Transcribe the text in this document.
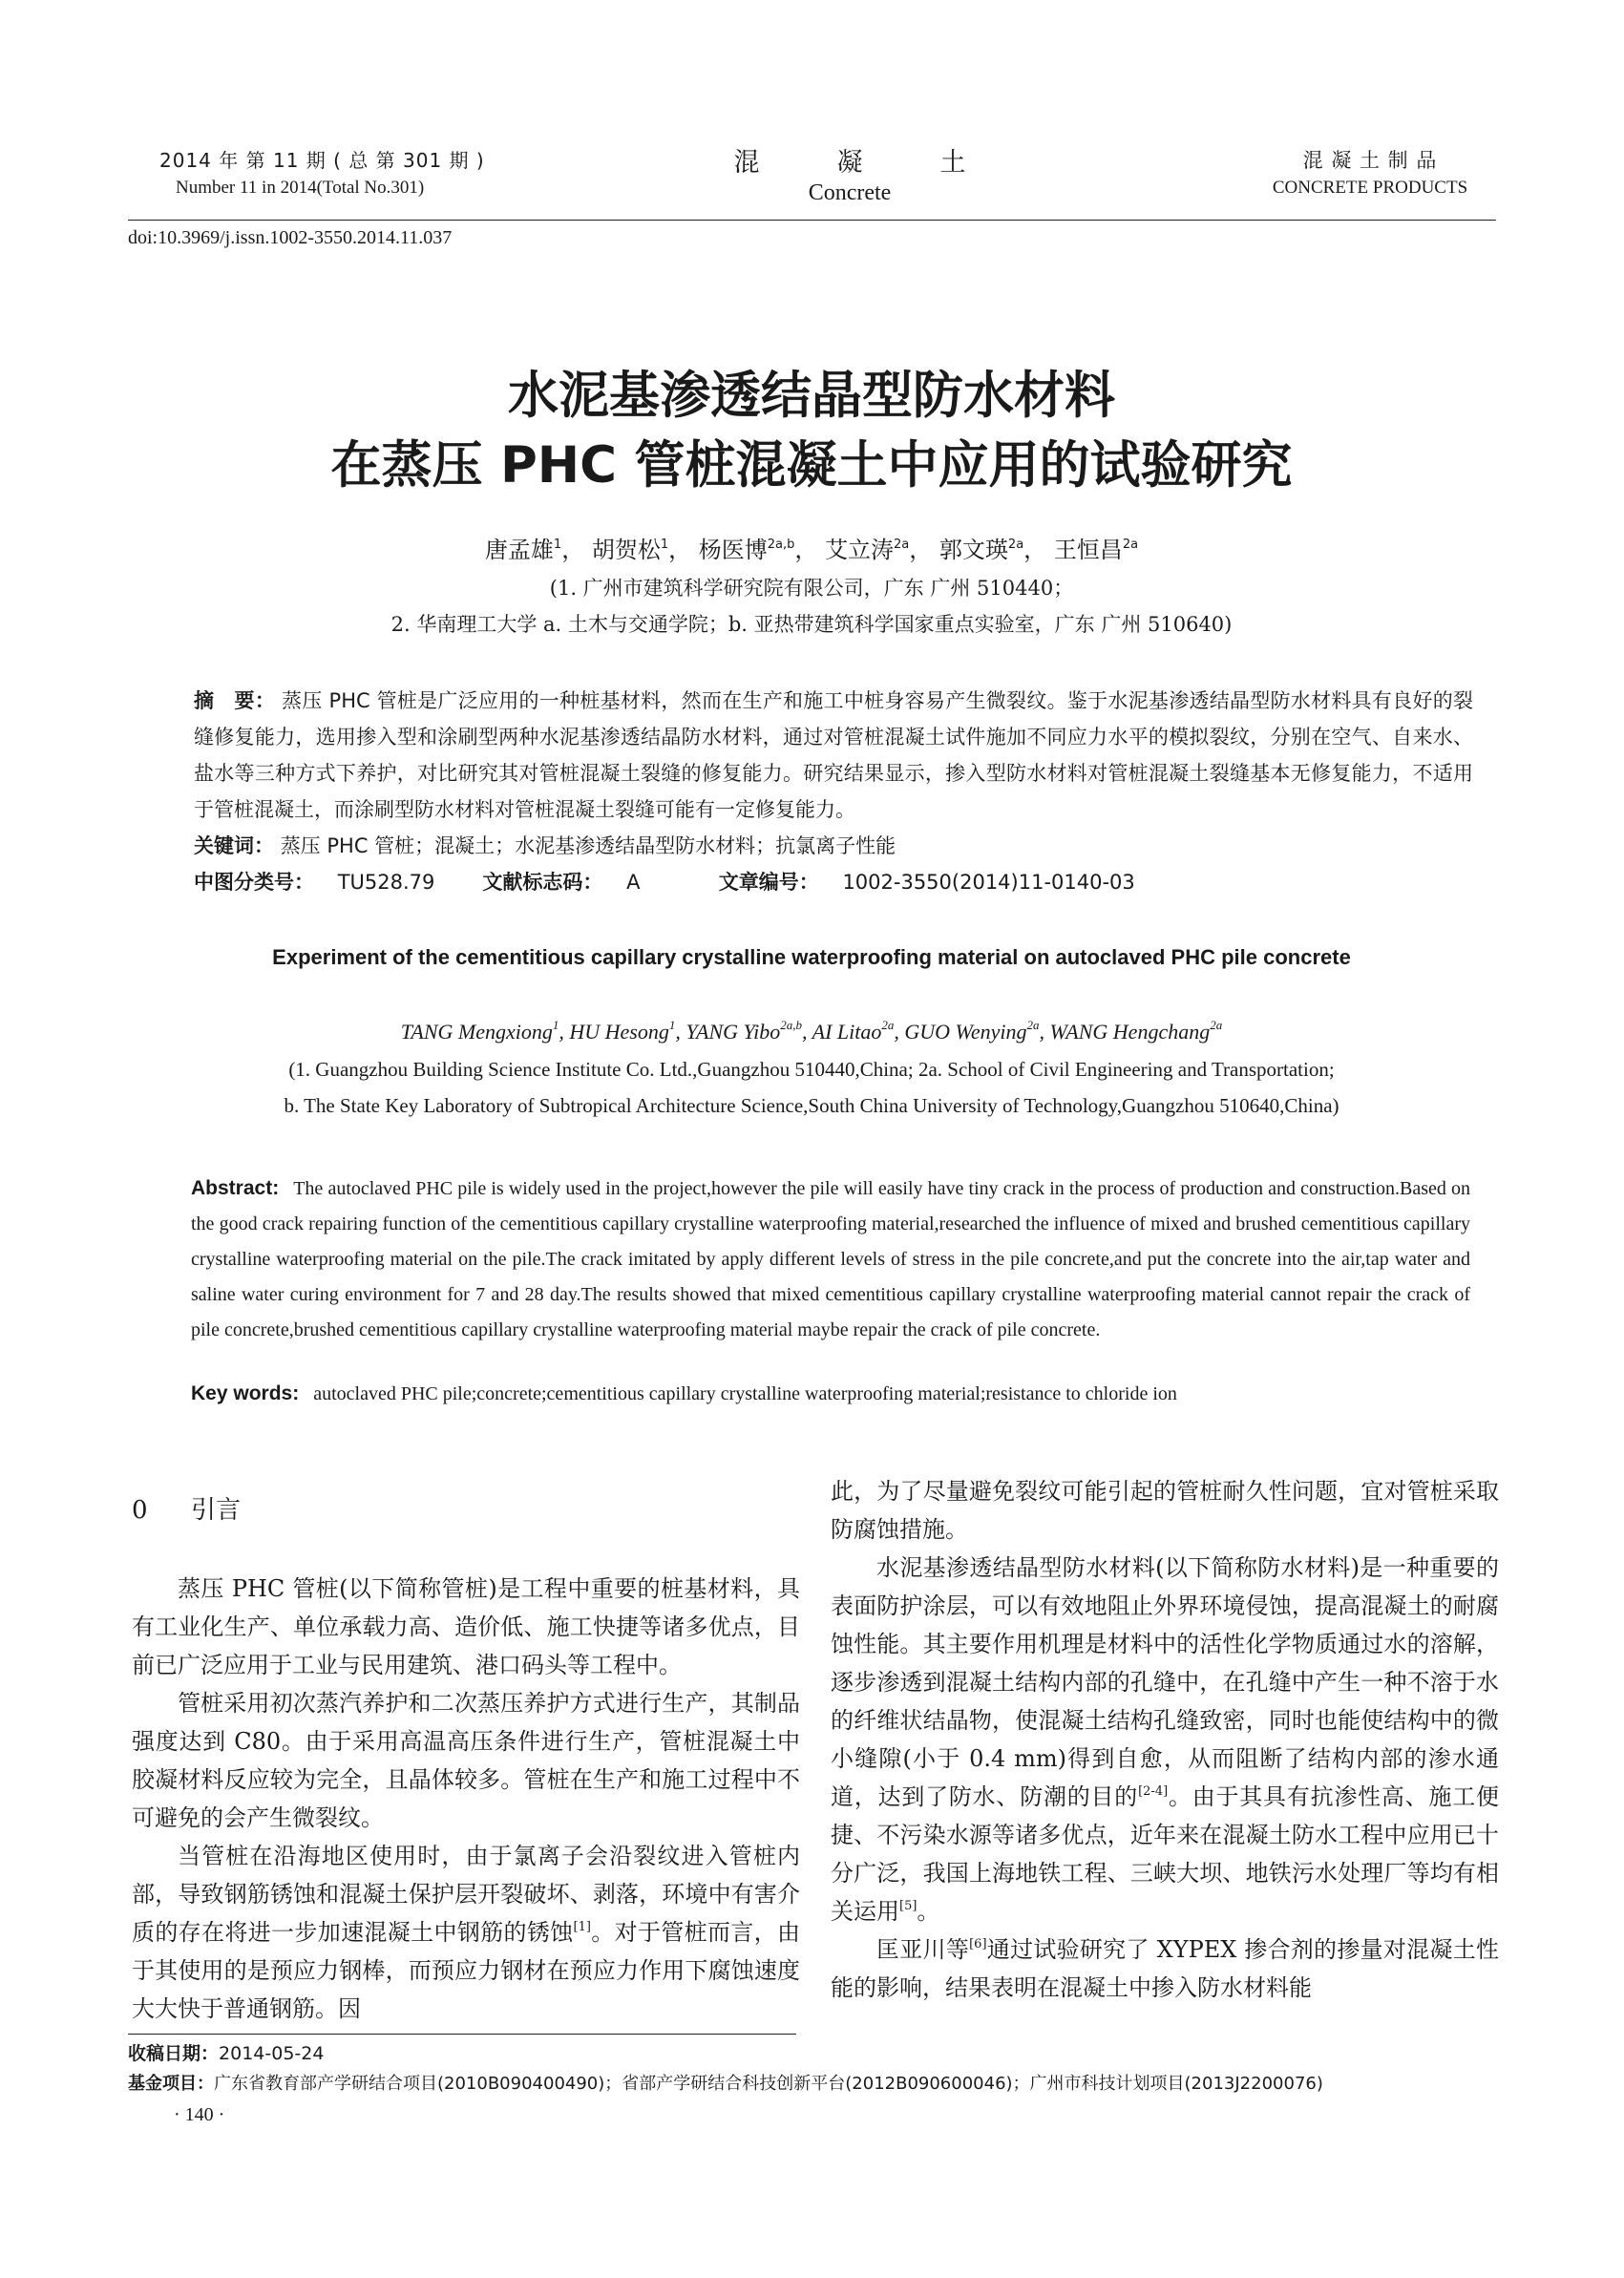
2014 年 第 11 期 ( 总 第 301 期 )
Number 11 in 2014(Total No.301)
混　　　凝　　　土
Concrete
混 凝 土 制 品
CONCRETE PRODUCTS
doi:10.3969/j.issn.1002-3550.2014.11.037
水泥基渗透结晶型防水材料
在蒸压 PHC 管桩混凝土中应用的试验研究
唐孟雄$^1$， 胡贺松$^1$， 杨医博$^{2a,b}$， 艾立涛$^{2a}$， 郭文瑛$^{2a}$， 王恒昌$^{2a}$
(1. 广州市建筑科学研究院有限公司，广东 广州 510440；
2. 华南理工大学 a. 土木与交通学院；b. 亚热带建筑科学国家重点实验室，广东 广州 510640)
摘　要： 蒸压 PHC 管桩是广泛应用的一种桩基材料，然而在生产和施工中桩身容易产生微裂纹。鉴于水泥基渗透结晶型防水材料具有良好的裂缝修复能力，选用掺入型和涂刷型两种水泥基渗透结晶防水材料，通过对管桩混凝土试件施加不同应力水平的模拟裂纹，分别在空气、自来水、盐水等三种方式下养护，对比研究其对管桩混凝土裂缝的修复能力。研究结果显示，掺入型防水材料对管桩混凝土裂缝基本无修复能力，不适用于管桩混凝土，而涂刷型防水材料对管桩混凝土裂缝可能有一定修复能力。
关键词： 蒸压 PHC 管桩；混凝土；水泥基渗透结晶型防水材料；抗氯离子性能
中图分类号： TU528.79 文献标志码： A	文章编号： 1002-3550(2014)11-0140-03
Experiment of the cementitious capillary crystalline waterproofing material on autoclaved PHC pile concrete
TANG Mengxiong$^1$, HU Hesong$^1$, YANG Yibo$^{2a,b}$, AI Litao$^{2a}$, GUO Wenying$^{2a}$, WANG Hengchang$^{2a}$
(1. Guangzhou Building Science Institute Co. Ltd.,Guangzhou 510440,China; 2a. School of Civil Engineering and Transportation;
b. The State Key Laboratory of Subtropical Architecture Science,South China University of Technology,Guangzhou 510640,China)
Abstract: The autoclaved PHC pile is widely used in the project,however the pile will easily have tiny crack in the process of production and construction.Based on the good crack repairing function of the cementitious capillary crystalline waterproofing material,researched the influence of mixed and brushed cementitious capillary crystalline waterproofing material on the pile.The crack imitated by apply different levels of stress in the pile concrete,and put the concrete into the air,tap water and saline water curing environment for 7 and 28 day.The results showed that mixed cementitious capillary crystalline waterproofing material cannot repair the crack of pile concrete,brushed cementitious capillary crystalline waterproofing material maybe repair the crack of pile concrete.
Key words: autoclaved PHC pile;concrete;cementitious capillary crystalline waterproofing material;resistance to chloride ion
0 引言

蒸压 PHC 管桩(以下简称管桩)是工程中重要的桩基材料，具有工业化生产、单位承载力高、造价低、施工快捷等诸多优点，目前已广泛应用于工业与民用建筑、港口码头等工程中。

管桩采用初次蒸汽养护和二次蒸压养护方式进行生产，其制品强度达到 C80。由于采用高温高压条件进行生产，管桩混凝土中胶凝材料反应较为完全，且晶体较多。管桩在生产和施工过程中不可避免的会产生微裂纹。

当管桩在沿海地区使用时，由于氯离子会沿裂纹进入管桩内部，导致钢筋锈蚀和混凝土保护层开裂破坏、剥落，环境中有害介质的存在将进一步加速混凝土中钢筋的锈蚀[1]。对于管桩而言，由于其使用的是预应力钢棒，而预应力钢材在预应力作用下腐蚀速度大大快于普通钢筋。因

此，为了尽量避免裂纹可能引起的管桩耐久性问题，宜对管桩采取防腐蚀措施。

水泥基渗透结晶型防水材料(以下简称防水材料)是一种重要的表面防护涂层，可以有效地阻止外界环境侵蚀，提高混凝土的耐腐蚀性能。其主要作用机理是材料中的活性化学物质通过水的溶解，逐步渗透到混凝土结构内部的孔缝中，在孔缝中产生一种不溶于水的纤维状结晶物，使混凝土结构孔缝致密，同时也能使结构中的微小缝隙(小于 0.4 mm)得到自愈，从而阻断了结构内部的渗水通道，达到了防水、防潮的目的[2-4]。由于其具有抗渗性高、施工便捷、不污染水源等诸多优点，近年来在混凝土防水工程中应用已十分广泛，我国上海地铁工程、三峡大坝、地铁污水处理厂等均有相关运用[5]。

匡亚川等[6]通过试验研究了 XYPEX 掺合剂的掺量对混凝土性能的影响，结果表明在混凝土中掺入防水材料能

收稿日期：2014-05-24
基金项目：广东省教育部产学研结合项目(2010B090400490)；省部产学研结合科技创新平台(2012B090600046)；广州市科技计划项目(2013J2200076)
· 140 ·
